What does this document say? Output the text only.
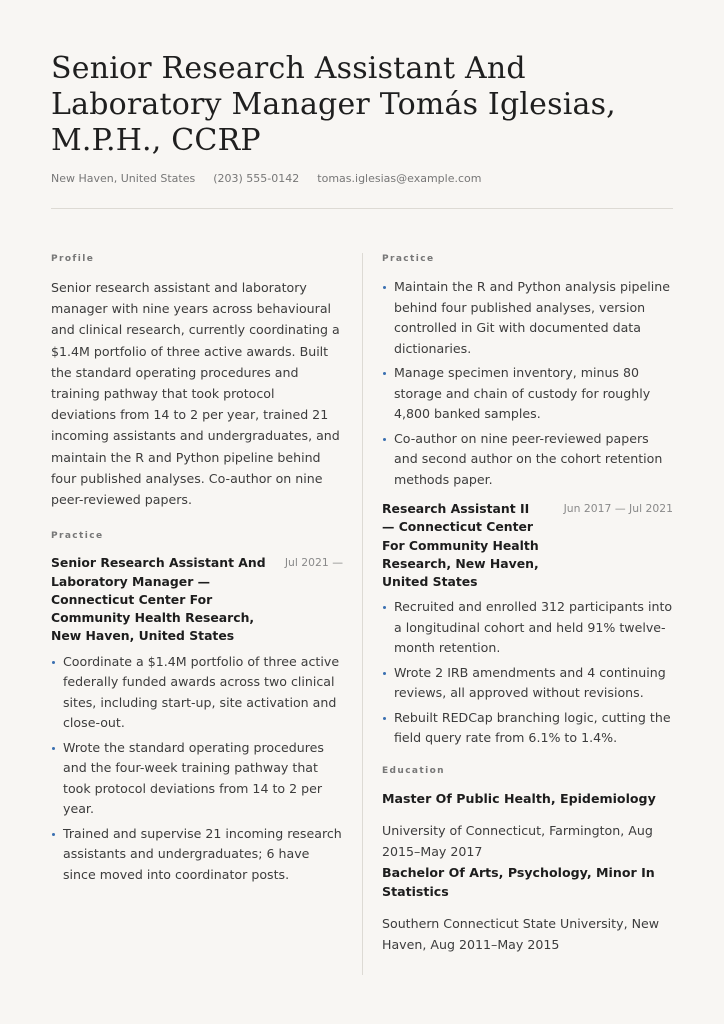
Senior Research Assistant And Laboratory Manager Tomás Iglesias, M.P.H., CCRP
New Haven, United States (203) 555-0142 tomas.iglesias@example.com
Profile

Senior research assistant and laboratory manager with nine years across behavioural and clinical research, currently coordinating a $1.4M portfolio of three active awards. Built the standard operating procedures and training pathway that took protocol deviations from 14 to 2 per year, trained 21 incoming assistants and undergraduates, and maintain the R and Python pipeline behind four published analyses. Co-author on nine peer-reviewed papers.

Practice
Senior Research Assistant And Laboratory Manager — Connecticut Center For Community Health Research, New Haven, United States
Jul 2021 —
Coordinate a $1.4M portfolio of three active federally funded awards across two clinical sites, including start-up, site activation and close-out.
Wrote the standard operating procedures and the four-week training pathway that took protocol deviations from 14 to 2 per year.
Trained and supervise 21 incoming research assistants and undergraduates; 6 have since moved into coordinator posts.
Practice
Maintain the R and Python analysis pipeline behind four published analyses, version controlled in Git with documented data dictionaries.
Manage specimen inventory, minus 80 storage and chain of custody for roughly 4,800 banked samples.
Co-author on nine peer-reviewed papers and second author on the cohort retention methods paper.
Research Assistant II — Connecticut Center For Community Health Research, New Haven, United States
Jun 2017 — Jul 2021
Recruited and enrolled 312 participants into a longitudinal cohort and held 91% twelve-month retention.
Wrote 2 IRB amendments and 4 continuing reviews, all approved without revisions.
Rebuilt REDCap branching logic, cutting the field query rate from 6.1% to 1.4%.
Education
Master Of Public Health, Epidemiology
University of Connecticut, Farmington, Aug 2015–May 2017
Bachelor Of Arts, Psychology, Minor In Statistics
Southern Connecticut State University, New Haven, Aug 2011–May 2015
